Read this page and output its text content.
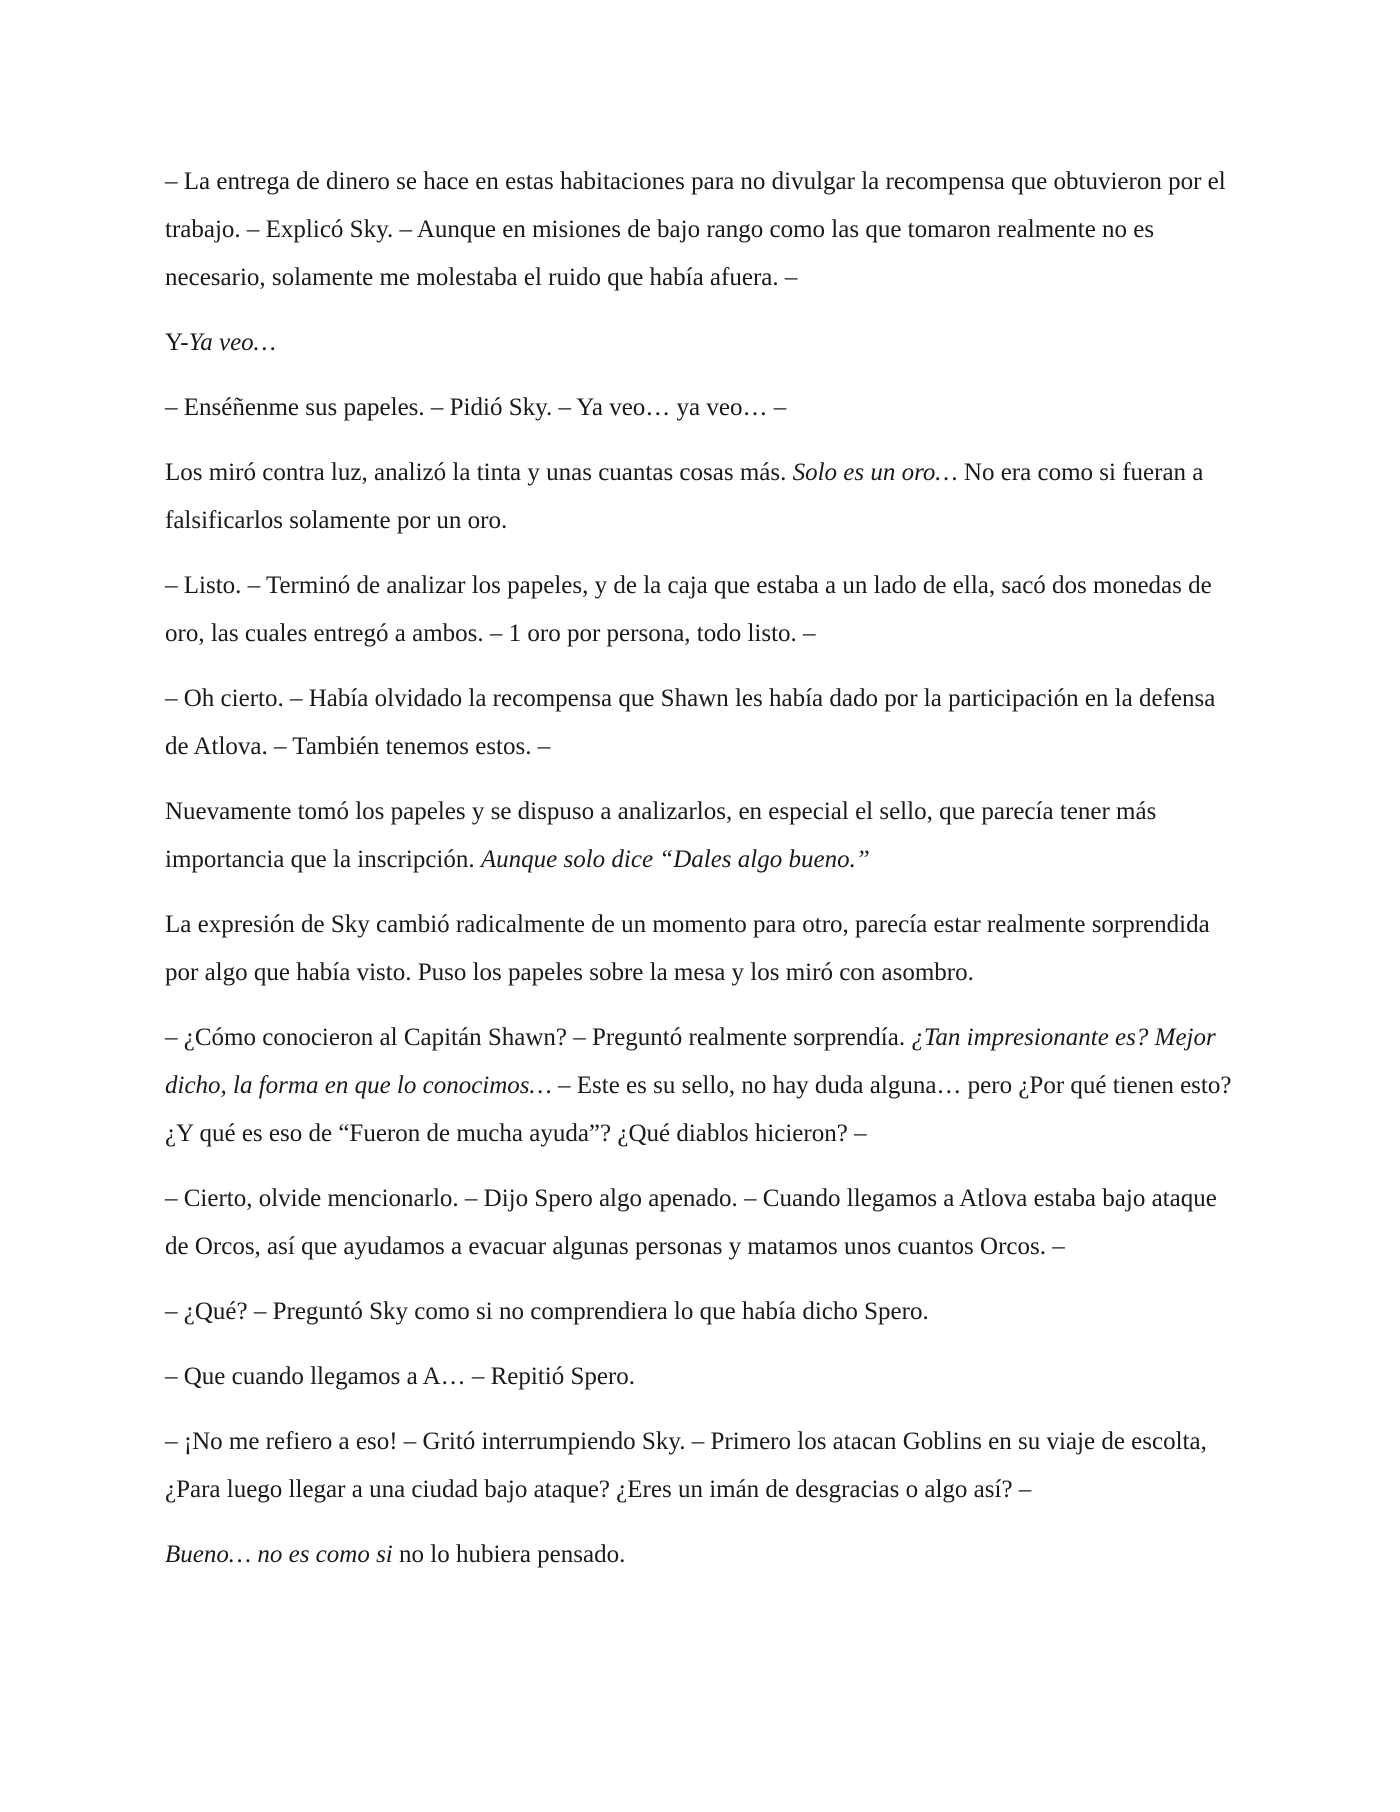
– La entrega de dinero se hace en estas habitaciones para no divulgar la recompensa que obtuvieron por el trabajo. – Explicó Sky. – Aunque en misiones de bajo rango como las que tomaron realmente no es necesario, solamente me molestaba el ruido que había afuera. –

Y-Ya veo…

– Enséñenme sus papeles. – Pidió Sky. – Ya veo… ya veo… –

Los miró contra luz, analizó la tinta y unas cuantas cosas más. Solo es un oro… No era como si fueran a falsificarlos solamente por un oro.

– Listo. – Terminó de analizar los papeles, y de la caja que estaba a un lado de ella, sacó dos monedas de oro, las cuales entregó a ambos. – 1 oro por persona, todo listo. –

– Oh cierto. – Había olvidado la recompensa que Shawn les había dado por la participación en la defensa de Atlova. – También tenemos estos. –

Nuevamente tomó los papeles y se dispuso a analizarlos, en especial el sello, que parecía tener más importancia que la inscripción. Aunque solo dice “Dales algo bueno.”

La expresión de Sky cambió radicalmente de un momento para otro, parecía estar realmente sorprendida por algo que había visto. Puso los papeles sobre la mesa y los miró con asombro.

– ¿Cómo conocieron al Capitán Shawn? – Preguntó realmente sorprendía. ¿Tan impresionante es? Mejor dicho, la forma en que lo conocimos… – Este es su sello, no hay duda alguna… pero ¿Por qué tienen esto? ¿Y qué es eso de “Fueron de mucha ayuda”? ¿Qué diablos hicieron? –

– Cierto, olvide mencionarlo. – Dijo Spero algo apenado. – Cuando llegamos a Atlova estaba bajo ataque de Orcos, así que ayudamos a evacuar algunas personas y matamos unos cuantos Orcos. –

– ¿Qué? – Preguntó Sky como si no comprendiera lo que había dicho Spero.

– Que cuando llegamos a A… – Repitió Spero.

– ¡No me refiero a eso! – Gritó interrumpiendo Sky. – Primero los atacan Goblins en su viaje de escolta, ¿Para luego llegar a una ciudad bajo ataque? ¿Eres un imán de desgracias o algo así? –

Bueno… no es como si no lo hubiera pensado.
